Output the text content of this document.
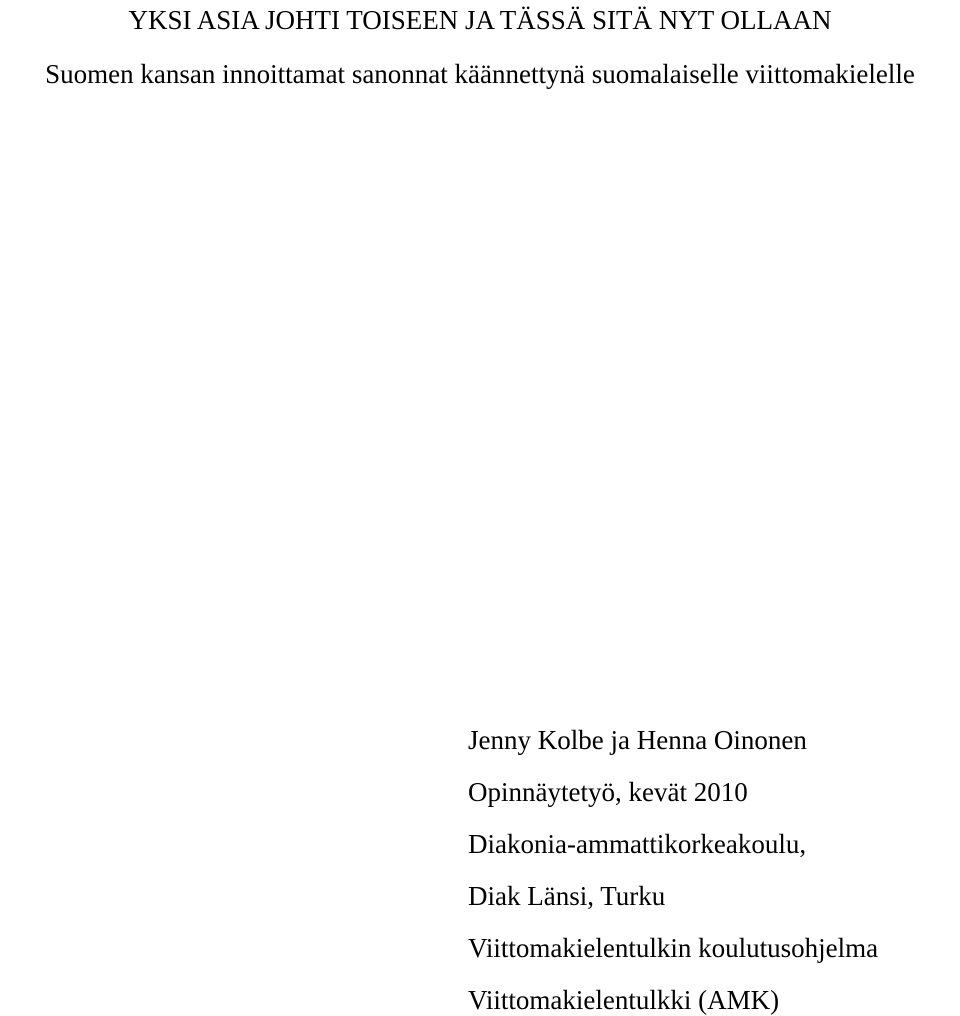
YKSI ASIA JOHTI TOISEEN JA TÄSSÄ SITÄ NYT OLLAAN
Suomen kansan innoittamat sanonnat käännettynä suomalaiselle viittomakielelle
Jenny Kolbe ja Henna Oinonen
Opinnäytetyö, kevät 2010
Diakonia-ammattikorkeakoulu,
Diak Länsi, Turku
Viittomakielentulkin koulutusohjelma
Viittomakielentulkki (AMK)
